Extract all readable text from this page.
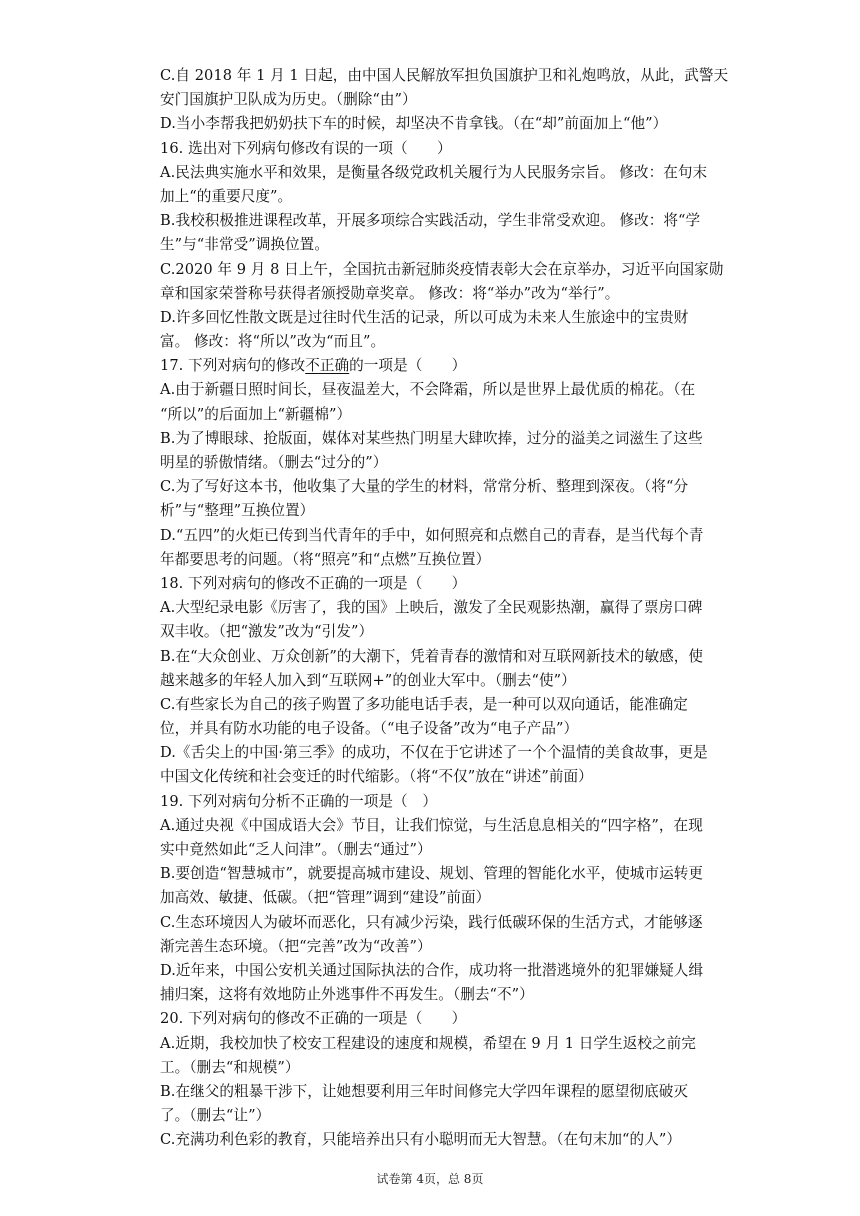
C.自 2018 年 1 月 1 日起，由中国人民解放军担负国旗护卫和礼炮鸣放，从此，武警天
安门国旗护卫队成为历史。（删除“由”）
D.当小李帮我把奶奶扶下车的时候，却坚决不肯拿钱。（在“却”前面加上“他”）
16. 选出对下列病句修改有误的一项（　　）
A.民法典实施水平和效果，是衡量各级党政机关履行为人民服务宗旨。 修改：在句末
加上“的重要尺度”。
B.我校积极推进课程改革，开展多项综合实践活动，学生非常受欢迎。 修改：将“学
生”与“非常受”调换位置。
C.2020 年 9 月 8 日上午，全国抗击新冠肺炎疫情表彰大会在京举办，习近平向国家勋
章和国家荣誉称号获得者颁授勋章奖章。 修改：将“举办”改为“举行”。
D.许多回忆性散文既是过往时代生活的记录，所以可成为未来人生旅途中的宝贵财
富。 修改：将“所以”改为“而且”。
17. 下列对病句的修改不正确的一项是（　　）
A.由于新疆日照时间长，昼夜温差大，不会降霜，所以是世界上最优质的棉花。（在
“所以”的后面加上“新疆棉”）
B.为了博眼球、抢版面，媒体对某些热门明星大肆吹捧，过分的溢美之词滋生了这些
明星的骄傲情绪。（删去“过分的”）
C.为了写好这本书，他收集了大量的学生的材料，常常分析、整理到深夜。（将“分
析”与“整理”互换位置）
D.“五四”的火炬已传到当代青年的手中，如何照亮和点燃自己的青春，是当代每个青
年都要思考的问题。（将“照亮”和“点燃”互换位置）
18. 下列对病句的修改不正确的一项是（　　）
A.大型纪录电影《厉害了，我的国》上映后，激发了全民观影热潮，赢得了票房口碑
双丰收。（把“激发”改为“引发”）
B.在“大众创业、万众创新”的大潮下，凭着青春的激情和对互联网新技术的敏感，使
越来越多的年轻人加入到“互联网+”的创业大军中。（删去“使”）
C.有些家长为自己的孩子购置了多功能电话手表，是一种可以双向通话，能准确定
位，并具有防水功能的电子设备。（“电子设备”改为“电子产品”）
D.《舌尖上的中国·第三季》的成功，不仅在于它讲述了一个个温情的美食故事，更是
中国文化传统和社会变迁的时代缩影。（将“不仅”放在“讲述”前面）
19. 下列对病句分析不正确的一项是（　）
A.通过央视《中国成语大会》节目，让我们惊觉，与生活息息相关的“四字格”，在现
实中竟然如此“乏人问津”。（删去“通过”）
B.要创造“智慧城市”，就要提高城市建设、规划、管理的智能化水平，使城市运转更
加高效、敏捷、低碳。（把“管理”调到“建设”前面）
C.生态环境因人为破坏而恶化，只有减少污染，践行低碳环保的生活方式，才能够逐
渐完善生态环境。（把“完善”改为“改善”）
D.近年来，中国公安机关通过国际执法的合作，成功将一批潜逃境外的犯罪嫌疑人缉
捕归案，这将有效地防止外逃事件不再发生。（删去“不”）
20. 下列对病句的修改不正确的一项是（　　）
A.近期，我校加快了校安工程建设的速度和规模，希望在 9 月 1 日学生返校之前完
工。（删去“和规模”）
B.在继父的粗暴干涉下，让她想要利用三年时间修完大学四年课程的愿望彻底破灭
了。（删去“让”）
C.充满功利色彩的教育，只能培养出只有小聪明而无大智慧。（在句末加“的人”）
试卷第 4页，总 8页
